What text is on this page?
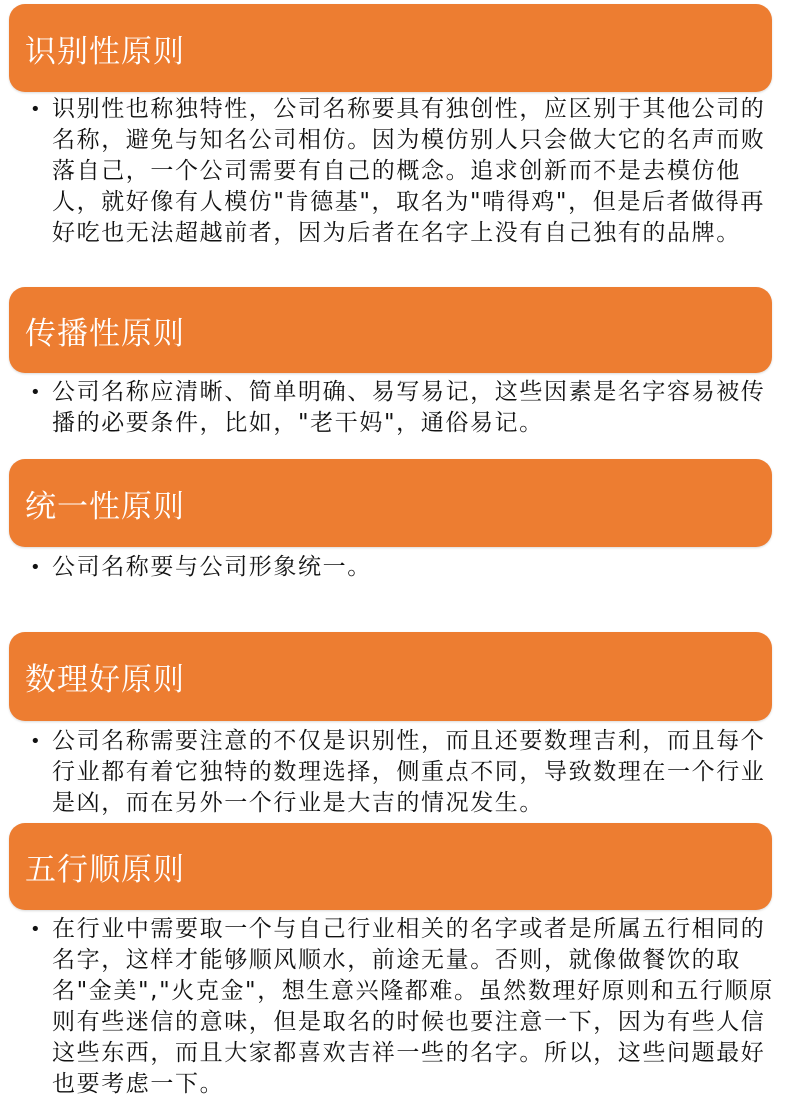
识别性原则
• 识别性也称独特性，公司名称要具有独创性，应区别于其他公司的名称，避免与知名公司相仿。因为模仿别人只会做大它的名声而败落自己，一个公司需要有自己的概念。追求创新而不是去模仿他人，就好像有人模仿"肯德基"，取名为"啃得鸡"，但是后者做得再好吃也无法超越前者，因为后者在名字上没有自己独有的品牌。
传播性原则
• 公司名称应清晰、简单明确、易写易记，这些因素是名字容易被传播的必要条件，比如，"老干妈"，通俗易记。
统一性原则
• 公司名称要与公司形象统一。
数理好原则
• 公司名称需要注意的不仅是识别性，而且还要数理吉利，而且每个行业都有着它独特的数理选择，侧重点不同，导致数理在一个行业是凶，而在另外一个行业是大吉的情况发生。
五行顺原则
• 在行业中需要取一个与自己行业相关的名字或者是所属五行相同的名字，这样才能够顺风顺水，前途无量。否则，就像做餐饮的取名"金美","火克金"，想生意兴隆都难。虽然数理好原则和五行顺原则有些迷信的意味，但是取名的时候也要注意一下，因为有些人信这些东西，而且大家都喜欢吉祥一些的名字。所以，这些问题最好也要考虑一下。
